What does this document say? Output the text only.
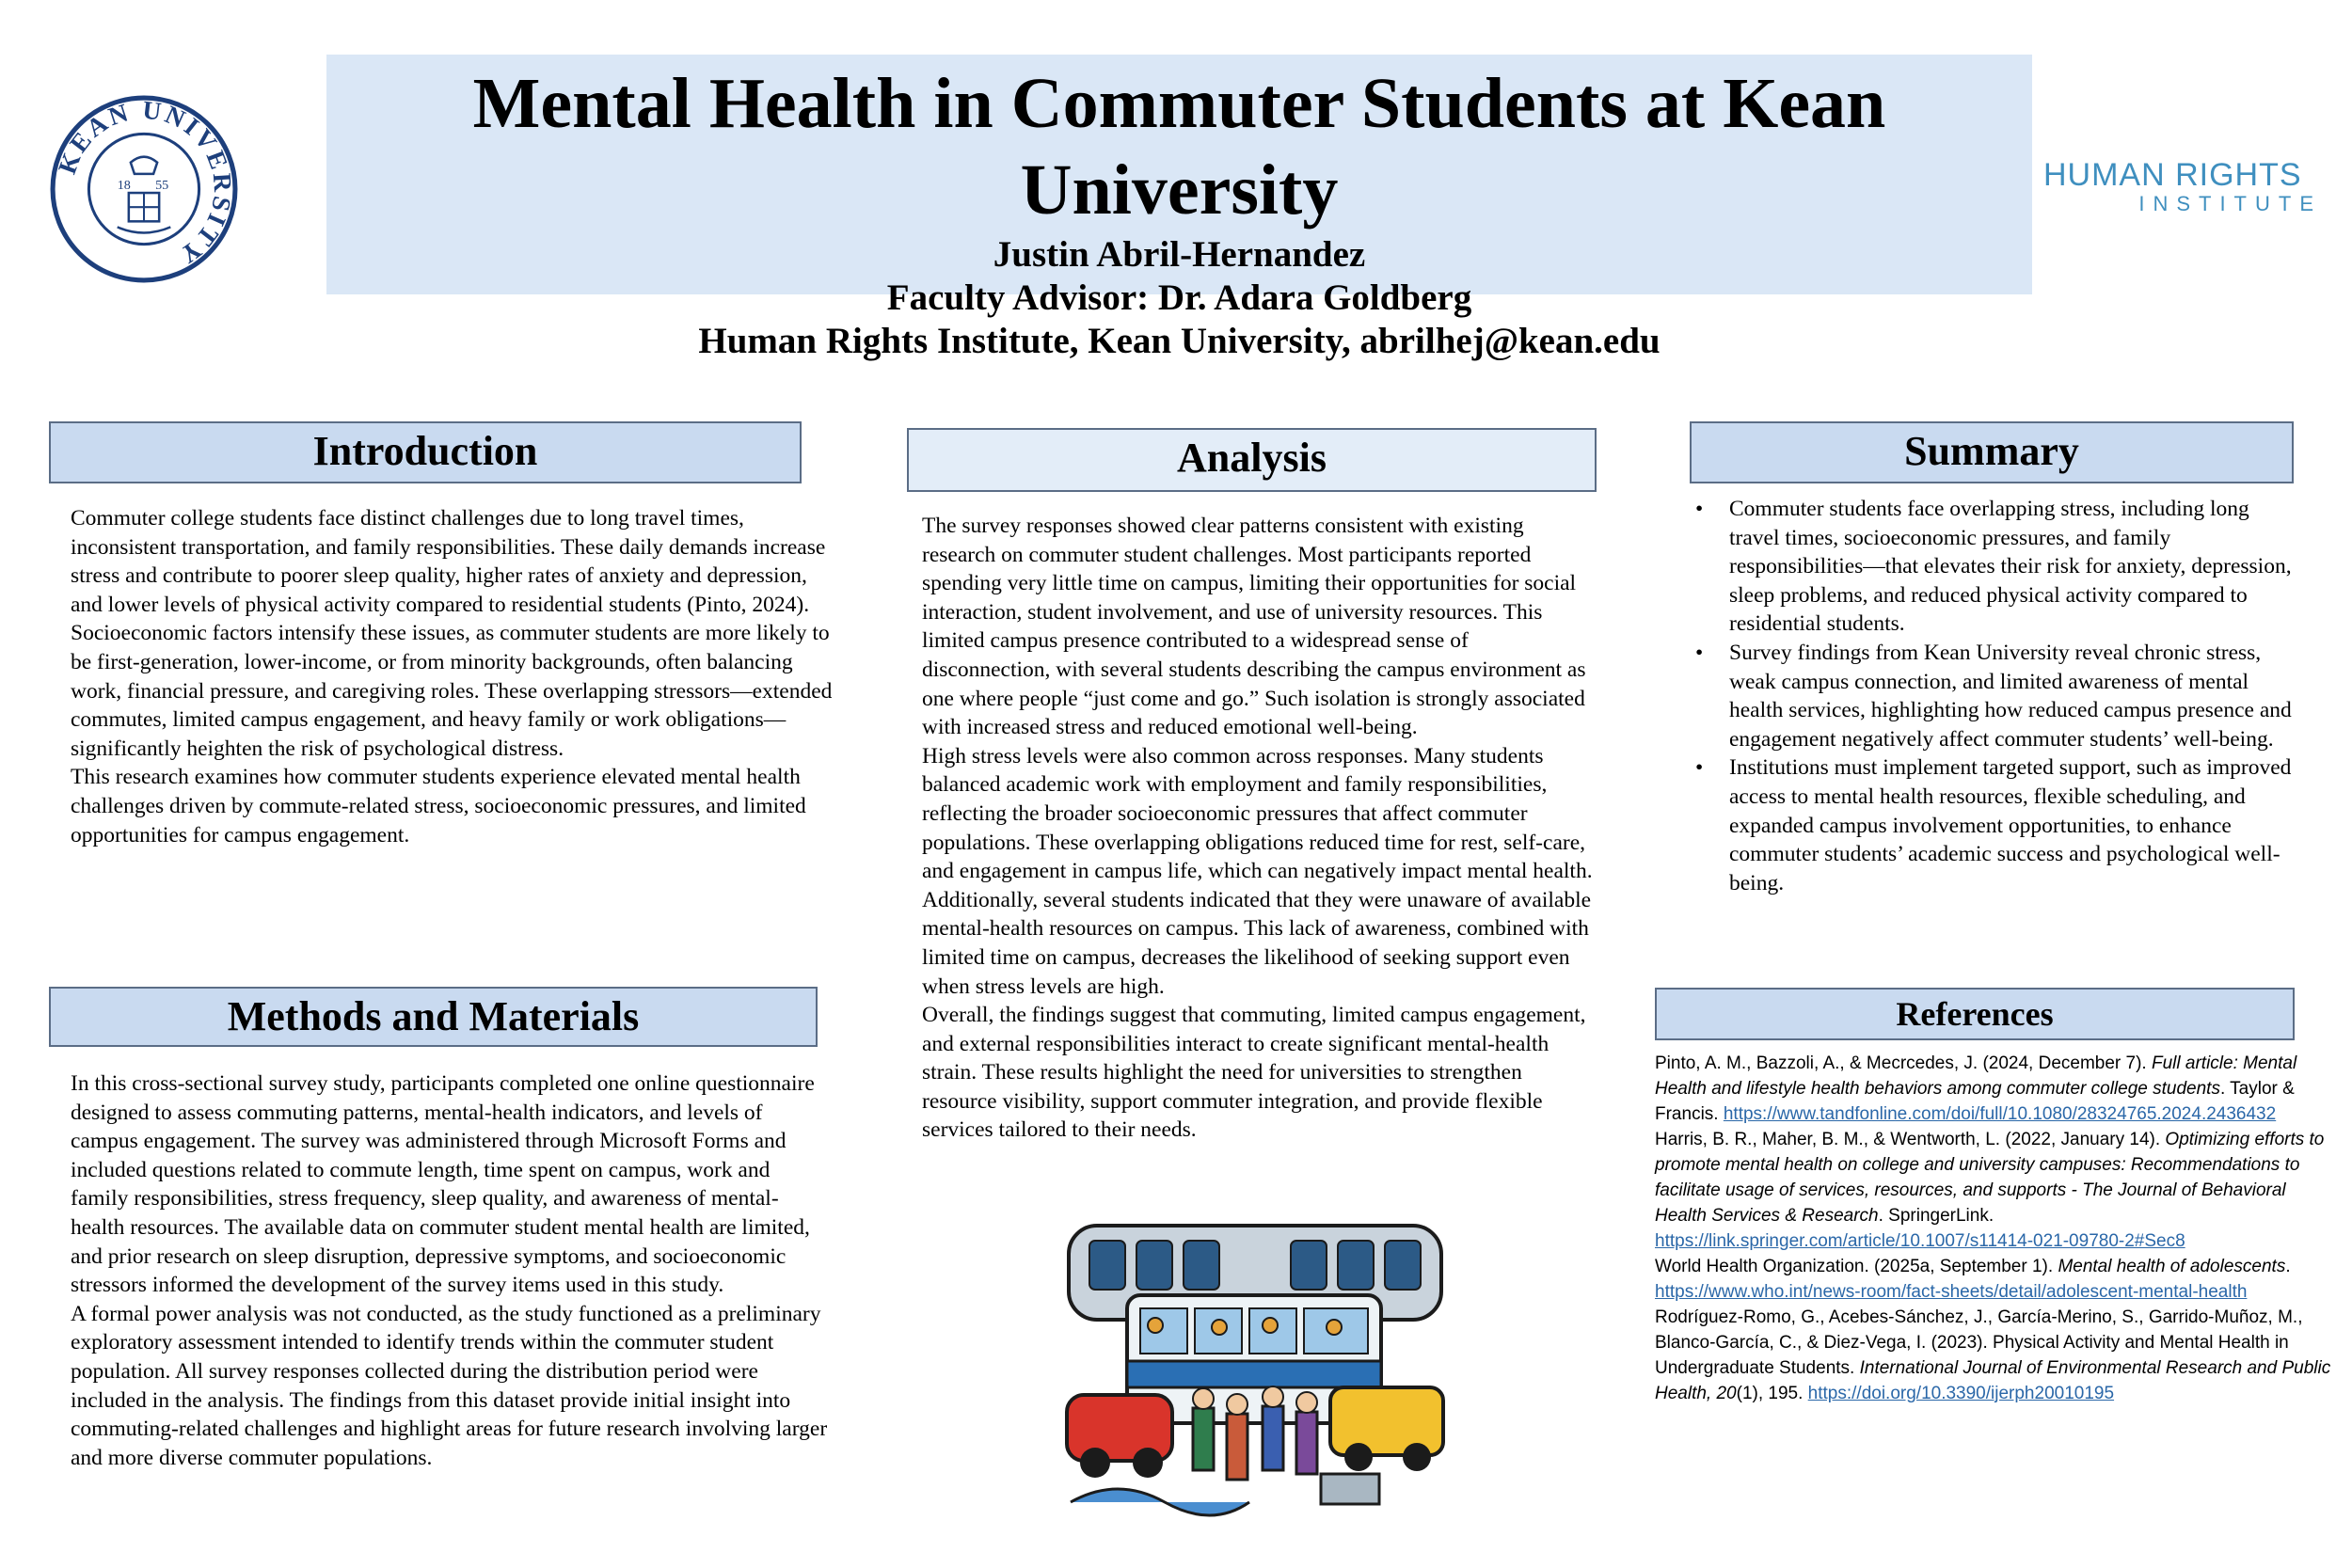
Mental Health in Commuter Students at Kean University

Justin Abril-Hernandez

Faculty Advisor: Dr. Adara Goldberg

Human Rights Institute, Kean University, abrilhej@kean.edu

KEAN UNIVERSITY
18 55	HUMAN RIGHTS
INSTITUTE
Introduction

Commuter college students face distinct challenges due to long travel times, inconsistent transportation, and family responsibilities. These daily demands increase stress and contribute to poorer sleep quality, higher rates of anxiety and depression, and lower levels of physical activity compared to residential students (Pinto, 2024).

Socioeconomic factors intensify these issues, as commuter students are more likely to be first-generation, lower-income, or from minority backgrounds, often balancing work, financial pressure, and caregiving roles. These overlapping stressors—extended commutes, limited campus engagement, and heavy family or work obligations—significantly heighten the risk of psychological distress.

This research examines how commuter students experience elevated mental health challenges driven by commute-related stress, socioeconomic pressures, and limited opportunities for campus engagement.

Methods and Materials

In this cross-sectional survey study, participants completed one online questionnaire designed to assess commuting patterns, mental-health indicators, and levels of campus engagement. The survey was administered through Microsoft Forms and included questions related to commute length, time spent on campus, work and family responsibilities, stress frequency, sleep quality, and awareness of mental-health resources. The available data on commuter student mental health are limited, and prior research on sleep disruption, depressive symptoms, and socioeconomic stressors informed the development of the survey items used in this study.

A formal power analysis was not conducted, as the study functioned as a preliminary exploratory assessment intended to identify trends within the commuter student population. All survey responses collected during the distribution period were included in the analysis. The findings from this dataset provide initial insight into commuting-related challenges and highlight areas for future research involving larger and more diverse commuter populations.

Analysis

The survey responses showed clear patterns consistent with existing research on commuter student challenges. Most participants reported spending very little time on campus, limiting their opportunities for social interaction, student involvement, and use of university resources. This limited campus presence contributed to a widespread sense of disconnection, with several students describing the campus environment as one where people “just come and go.” Such isolation is strongly associated with increased stress and reduced emotional well-being.

High stress levels were also common across responses. Many students balanced academic work with employment and family responsibilities, reflecting the broader socioeconomic pressures that affect commuter populations. These overlapping obligations reduced time for rest, self-care, and engagement in campus life, which can negatively impact mental health.

Additionally, several students indicated that they were unaware of available mental-health resources on campus. This lack of awareness, combined with limited time on campus, decreases the likelihood of seeking support even when stress levels are high.

Overall, the findings suggest that commuting, limited campus engagement, and external responsibilities interact to create significant mental-health strain. These results highlight the need for universities to strengthen resource visibility, support commuter integration, and provide flexible services tailored to their needs.

Summary
• Commuter students face overlapping stress, including long travel times, socioeconomic pressures, and family responsibilities—that elevates their risk for anxiety, depression, sleep problems, and reduced physical activity compared to residential students.
• Survey findings from Kean University reveal chronic stress, weak campus connection, and limited awareness of mental health services, highlighting how reduced campus presence and engagement negatively affect commuter students’ well-being.
• Institutions must implement targeted support, such as improved access to mental health resources, flexible scheduling, and expanded campus involvement opportunities, to enhance commuter students’ academic success and psychological well-being.
References

Pinto, A. M., Bazzoli, A., & Mecrcedes, J. (2024, December 7). Full article: Mental Health and lifestyle health behaviors among commuter college students. Taylor & Francis. https://www.tandfonline.com/doi/full/10.1080/28324765.2024.2436432

Harris, B. R., Maher, B. M., & Wentworth, L. (2022, January 14). Optimizing efforts to promote mental health on college and university campuses: Recommendations to facilitate usage of services, resources, and supports - The Journal of Behavioral Health Services & Research. SpringerLink. https://link.springer.com/article/10.1007/s11414-021-09780-2#Sec8

World Health Organization. (2025a, September 1). Mental health of adolescents. https://www.who.int/news-room/fact-sheets/detail/adolescent-mental-health

Rodríguez-Romo, G., Acebes-Sánchez, J., García-Merino, S., Garrido-Muñoz, M., Blanco-García, C., & Diez-Vega, I. (2023). Physical Activity and Mental Health in Undergraduate Students. International Journal of Environmental Research and Public Health, 20(1), 195. https://doi.org/10.3390/ijerph20010195
